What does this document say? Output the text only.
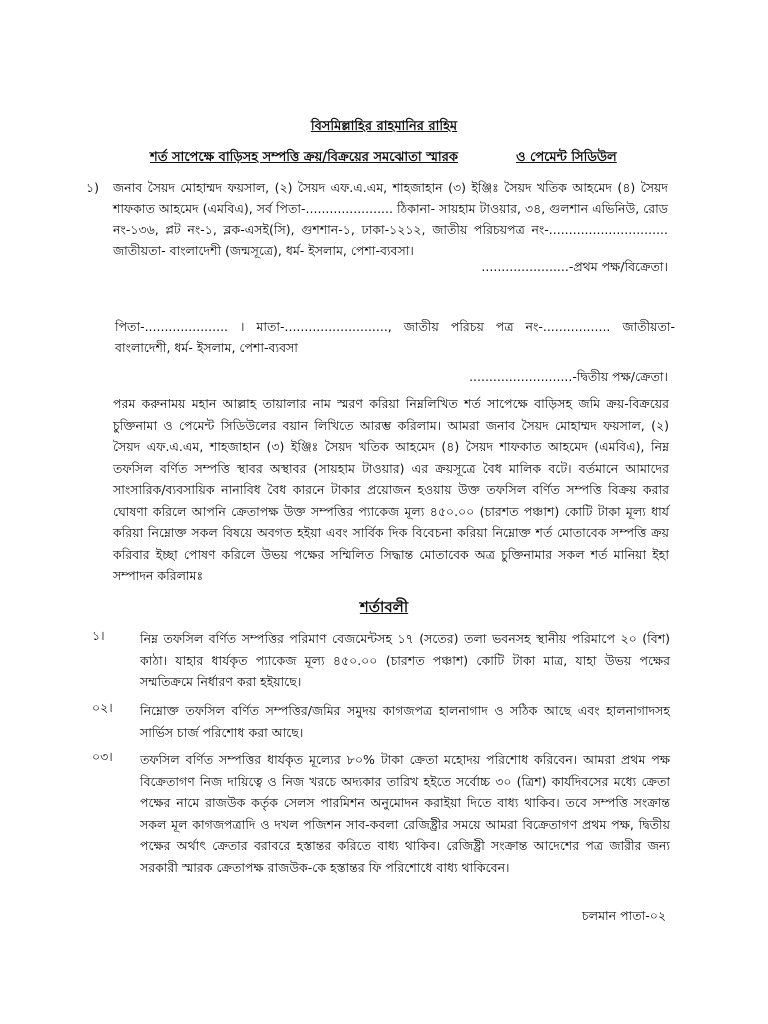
বিসমিল্লাহির রাহমানির রাহিম
শর্ত সাপেক্ষে বাড়িসহ সম্পত্তি ক্রয়/বিক্রয়ের সমঝোতা স্মারক	ও পেমেন্ট সিডিউল
১) জনাব সৈয়দ মোহাম্মদ ফয়সাল, (২) সৈয়দ এফ.এ.এম, শাহজাহান (৩) ইঞ্জিঃ সৈয়দ খতিক আহমেদ (৪) সৈয়দ শাফকাত আহমেদ (এমবিএ), সর্ব পিতা-...................... ঠিকানা- সায়হাম টাওয়ার, ৩৪, গুলশান এভিনিউ, রোড নং-১৩৬, প্লট নং-১, ব্লক-এসই(সি), গুশশান-১, ঢাকা-১২১২, জাতীয় পরিচয়পত্র নং-.............................. জাতীয়তা- বাংলাদেশী (জন্মসূত্রে), ধর্ম- ইসলাম, পেশা-ব্যবসা।
......................-প্রথম পক্ষ/বিক্রেতা।
পিতা-..................... । মাতা-.........................., জাতীয় পরিচয় পত্র নং-................. জাতীয়তা- বাংলাদেশী, ধর্ম- ইসলাম, পেশা-ব্যবসা
..........................-দ্বিতীয় পক্ষ/ক্রেতা।
পরম করুনাময় মহান আল্লাহ তায়ালার নাম স্মরণ করিয়া নিম্নলিখিত শর্ত সাপেক্ষে বাড়িসহ জমি ক্রয়-বিক্রয়ের চুক্তিনামা ও পেমেন্ট সিডিউলের বয়ান লিখিতে আরম্ভ করিলাম। আমরা জনাব সৈয়দ মোহাম্মদ ফয়সাল, (২) সৈয়দ এফ.এ.এম, শাহজাহান (৩) ইঞ্জিঃ সৈয়দ খতিক আহমেদ (৪) সৈয়দ শাফকাত আহমেদ (এমবিএ), নিম্ন তফসিল বর্ণিত সম্পত্তি স্থাবর অস্থাবর (সায়হাম টাওয়ার) এর ক্রয়সূত্রে বৈধ মালিক বটে। বর্তমানে আমাদের সাংসারিক/ব্যবসায়িক নানাবিধ বৈধ কারনে টাকার প্রয়োজন হওয়ায় উক্ত তফসিল বর্ণিত সম্পত্তি বিক্রয় করার ঘোষণা করিলে আপনি ক্রেতাপক্ষ উক্ত সম্পত্তির প্যাকেজ মূল্য ৪৫০.০০ (চারশত পঞ্চাশ) কোটি টাকা মূল্য ধার্য করিয়া নিম্নোক্ত সকল বিষয়ে অবগত হইয়া এবং সার্বিক দিক বিবেচনা করিয়া নিম্নোক্ত শর্ত মোতাবেক সম্পত্তি ক্রয় করিবার ইচ্ছা পোষণ করিলে উভয় পক্ষের সম্মিলিত সিদ্ধান্ত মোতাবেক অত্র চুক্তিনামার সকল শর্ত মানিয়া ইহা সম্পাদন করিলামঃ
শর্তাবলী
১।	নিম্ন তফসিল বর্ণিত সম্পত্তির পরিমাণ বেজমেন্টসহ ১৭ (সতের) তলা ভবনসহ স্থানীয় পরিমাপে ২০ (বিশ) কাঠা। যাহার ধার্যকৃত প্যাকেজ মূল্য ৪৫০.০০ (চারশত পঞ্চাশ) কোটি টাকা মাত্র, যাহা উভয় পক্ষের সম্মতিক্রমে নির্ধারণ করা হইয়াছে।
০২। নিম্নোক্ত তফসিল বর্ণিত সম্পত্তির/জমির সমুদয় কাগজপত্র হালনাগাদ ও সঠিক আছে এবং হালনাগাদসহ সার্ভিস চার্জ পরিশোধ করা আছে।
০৩। তফসিল বর্ণিত সম্পত্তির ধার্যকৃত মূল্যের ৮০% টাকা ক্রেতা মহোদয় পরিশোধ করিবেন। আমরা প্রথম পক্ষ বিক্রেতাগণ নিজ দায়িত্বে ও নিজ খরচে অদ্যকার তারিখ হইতে সর্বোচ্চ ৩০ (ত্রিশ) কার্যদিবসের মধ্যে ক্রেতা পক্ষের নামে রাজউক কর্তৃক সেলস পারমিশন অনুমোদন করাইয়া দিতে বাধ্য থাকিব। তবে সম্পত্তি সংক্রান্ত সকল মূল কাগজপত্রাদি ও দখল পজিশন সাব-কবলা রেজিষ্ট্রীর সময়ে আমরা বিক্রেতাগণ প্রথম পক্ষ, দ্বিতীয় পক্ষের অর্থাৎ ক্রেতার বরাবরে হস্তান্তর করিতে বাধ্য থাকিব। রেজিষ্ট্রী সংক্রান্ত আদেশের পত্র জারীর জন্য সরকারী স্মারক ক্রেতাপক্ষ রাজউক-কে হস্তান্তর ফি পরিশোধে বাধ্য থাকিবেন।
চলমান পাতা-০২
